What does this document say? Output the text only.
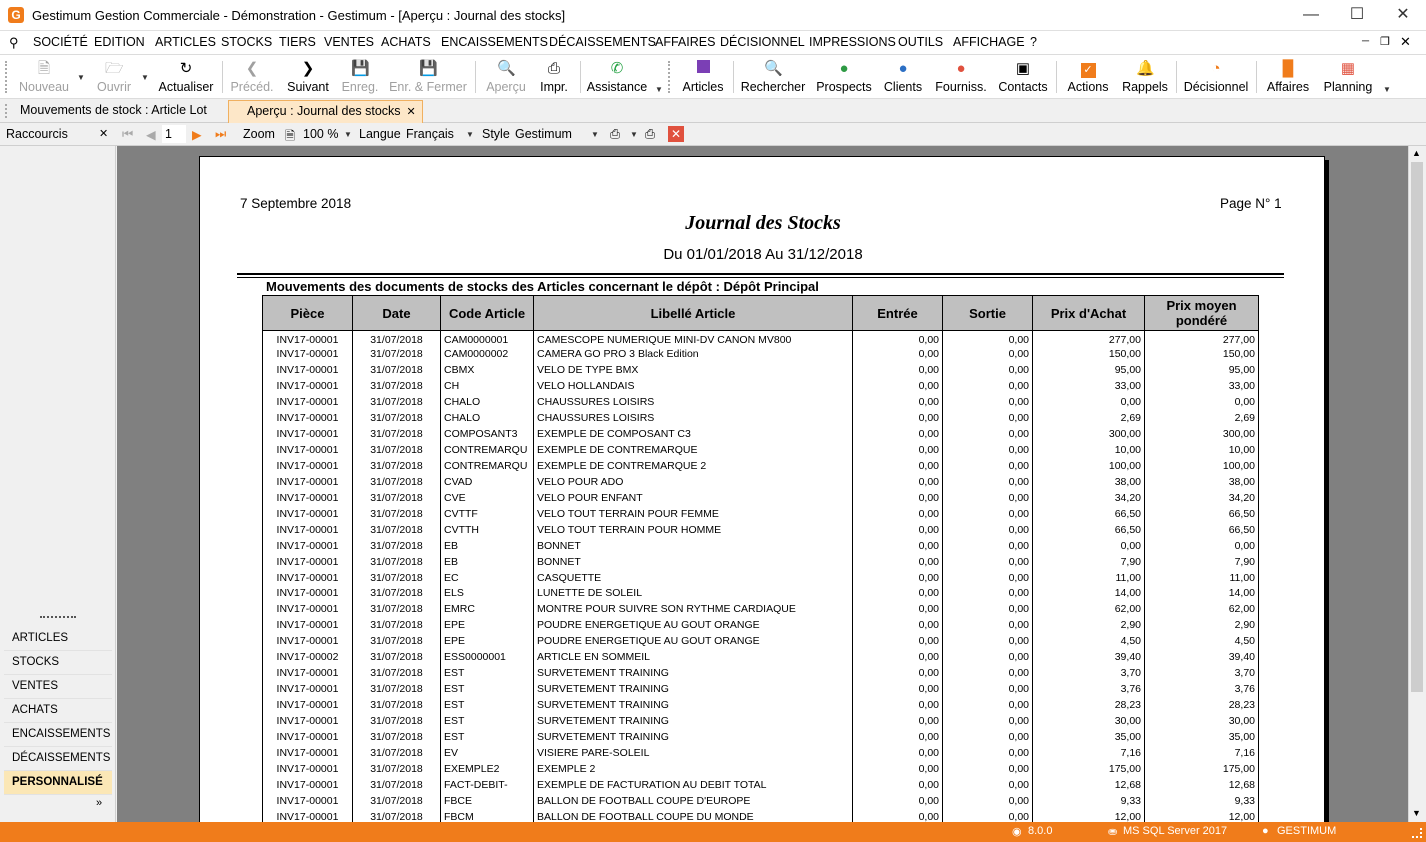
G Gestimum Gestion Commerciale - Démonstration - Gestimum - [Aperçu : Journal des stocks]	—	☐	✕
⚲ SOCIÉTÉ EDITION ARTICLES STOCKS TIERS VENTES ACHATS ENCAISSEMENTS DÉCAISSEMENTS AFFAIRES DÉCISIONNEL IMPRESSIONS OUTILS AFFICHAGE ?	─ ❐ ✕
🗎
Nouveau
▼
🗁
Ouvrir
▼
↻
Actualiser
❮
Précéd.
❯
Suivant
💾
Enreg.
💾
Enr. & Fermer
🔍
Aperçu
⎙
Impr.
✆
Assistance ▼	Articles
🔍
Rechercher
●
Prospects
●
Clients
●
Fourniss.
▣
Contacts
✓
Actions
🔔
Rappels
◔
Décisionnel
█
Affaires
▦
Planning	▼
Mouvements de stock : Article Lot	Aperçu : Journal des stocks ✕
Raccourcis	✕ ⏮ ◀ 1	▶ ⏭ Zoom 🗎 100 % ▼ Langue Français ▼ Style Gestimum ▼ ⎙ ▼ ⎙ ✕
ARTICLES
STOCKS
VENTES
ACHATS
ENCAISSEMENTS
DÉCAISSEMENTS
PERSONNALISÉ
»
7 Septembre 2018	Page N° 1
Journal des Stocks
Du 01/01/2018 Au 31/12/2018
Mouvements des documents de stocks des Articles concernant le dépôt : Dépôt Principal
Pièce	Date	Code Article	Libellé Article	Entrée	Sortie	Prix d'Achat	Prix moyen pondéré
INV17-00001	31/07/2018	CAM0000001	CAMESCOPE NUMERIQUE MINI-DV CANON MV800	0,00	0,00	277,00	277,00
INV17-00001	31/07/2018	CAM0000002	CAMERA GO PRO 3 Black Edition	0,00	0,00	150,00	150,00
INV17-00001	31/07/2018	CBMX	VELO DE TYPE BMX	0,00	0,00	95,00	95,00
INV17-00001	31/07/2018	CH	VELO HOLLANDAIS	0,00	0,00	33,00	33,00
INV17-00001	31/07/2018	CHALO	CHAUSSURES LOISIRS	0,00	0,00	0,00	0,00
INV17-00001	31/07/2018	CHALO	CHAUSSURES LOISIRS	0,00	0,00	2,69	2,69
INV17-00001	31/07/2018	COMPOSANT3	EXEMPLE DE COMPOSANT C3	0,00	0,00	300,00	300,00
INV17-00001	31/07/2018	CONTREMARQU	EXEMPLE DE CONTREMARQUE	0,00	0,00	10,00	10,00
INV17-00001	31/07/2018	CONTREMARQU	EXEMPLE DE CONTREMARQUE 2	0,00	0,00	100,00	100,00
INV17-00001	31/07/2018	CVAD	VELO POUR ADO	0,00	0,00	38,00	38,00
INV17-00001	31/07/2018	CVE	VELO POUR ENFANT	0,00	0,00	34,20	34,20
INV17-00001	31/07/2018	CVTTF	VELO TOUT TERRAIN POUR FEMME	0,00	0,00	66,50	66,50
INV17-00001	31/07/2018	CVTTH	VELO TOUT TERRAIN POUR HOMME	0,00	0,00	66,50	66,50
INV17-00001	31/07/2018	EB	BONNET	0,00	0,00	0,00	0,00
INV17-00001	31/07/2018	EB	BONNET	0,00	0,00	7,90	7,90
INV17-00001	31/07/2018	EC	CASQUETTE	0,00	0,00	11,00	11,00
INV17-00001	31/07/2018	ELS	LUNETTE DE SOLEIL	0,00	0,00	14,00	14,00
INV17-00001	31/07/2018	EMRC	MONTRE POUR SUIVRE SON RYTHME CARDIAQUE	0,00	0,00	62,00	62,00
INV17-00001	31/07/2018	EPE	POUDRE ENERGETIQUE AU GOUT ORANGE	0,00	0,00	2,90	2,90
INV17-00001	31/07/2018	EPE	POUDRE ENERGETIQUE AU GOUT ORANGE	0,00	0,00	4,50	4,50
INV17-00002	31/07/2018	ESS0000001	ARTICLE EN SOMMEIL	0,00	0,00	39,40	39,40
INV17-00001	31/07/2018	EST	SURVETEMENT TRAINING	0,00	0,00	3,70	3,70
INV17-00001	31/07/2018	EST	SURVETEMENT TRAINING	0,00	0,00	3,76	3,76
INV17-00001	31/07/2018	EST	SURVETEMENT TRAINING	0,00	0,00	28,23	28,23
INV17-00001	31/07/2018	EST	SURVETEMENT TRAINING	0,00	0,00	30,00	30,00
INV17-00001	31/07/2018	EST	SURVETEMENT TRAINING	0,00	0,00	35,00	35,00
INV17-00001	31/07/2018	EV	VISIERE PARE-SOLEIL	0,00	0,00	7,16	7,16
INV17-00001	31/07/2018	EXEMPLE2	EXEMPLE 2	0,00	0,00	175,00	175,00
INV17-00001	31/07/2018	FACT-DEBIT-	EXEMPLE DE FACTURATION AU DEBIT TOTAL	0,00	0,00	12,68	12,68
INV17-00001	31/07/2018	FBCE	BALLON DE FOOTBALL COUPE D'EUROPE	0,00	0,00	9,33	9,33
INV17-00001	31/07/2018	FBCM	BALLON DE FOOTBALL COUPE DU MONDE	0,00	0,00	12,00	12,00
▲
▼
◉ 8.0.0	⛂ MS SQL Server 2017	● GESTIMUM
